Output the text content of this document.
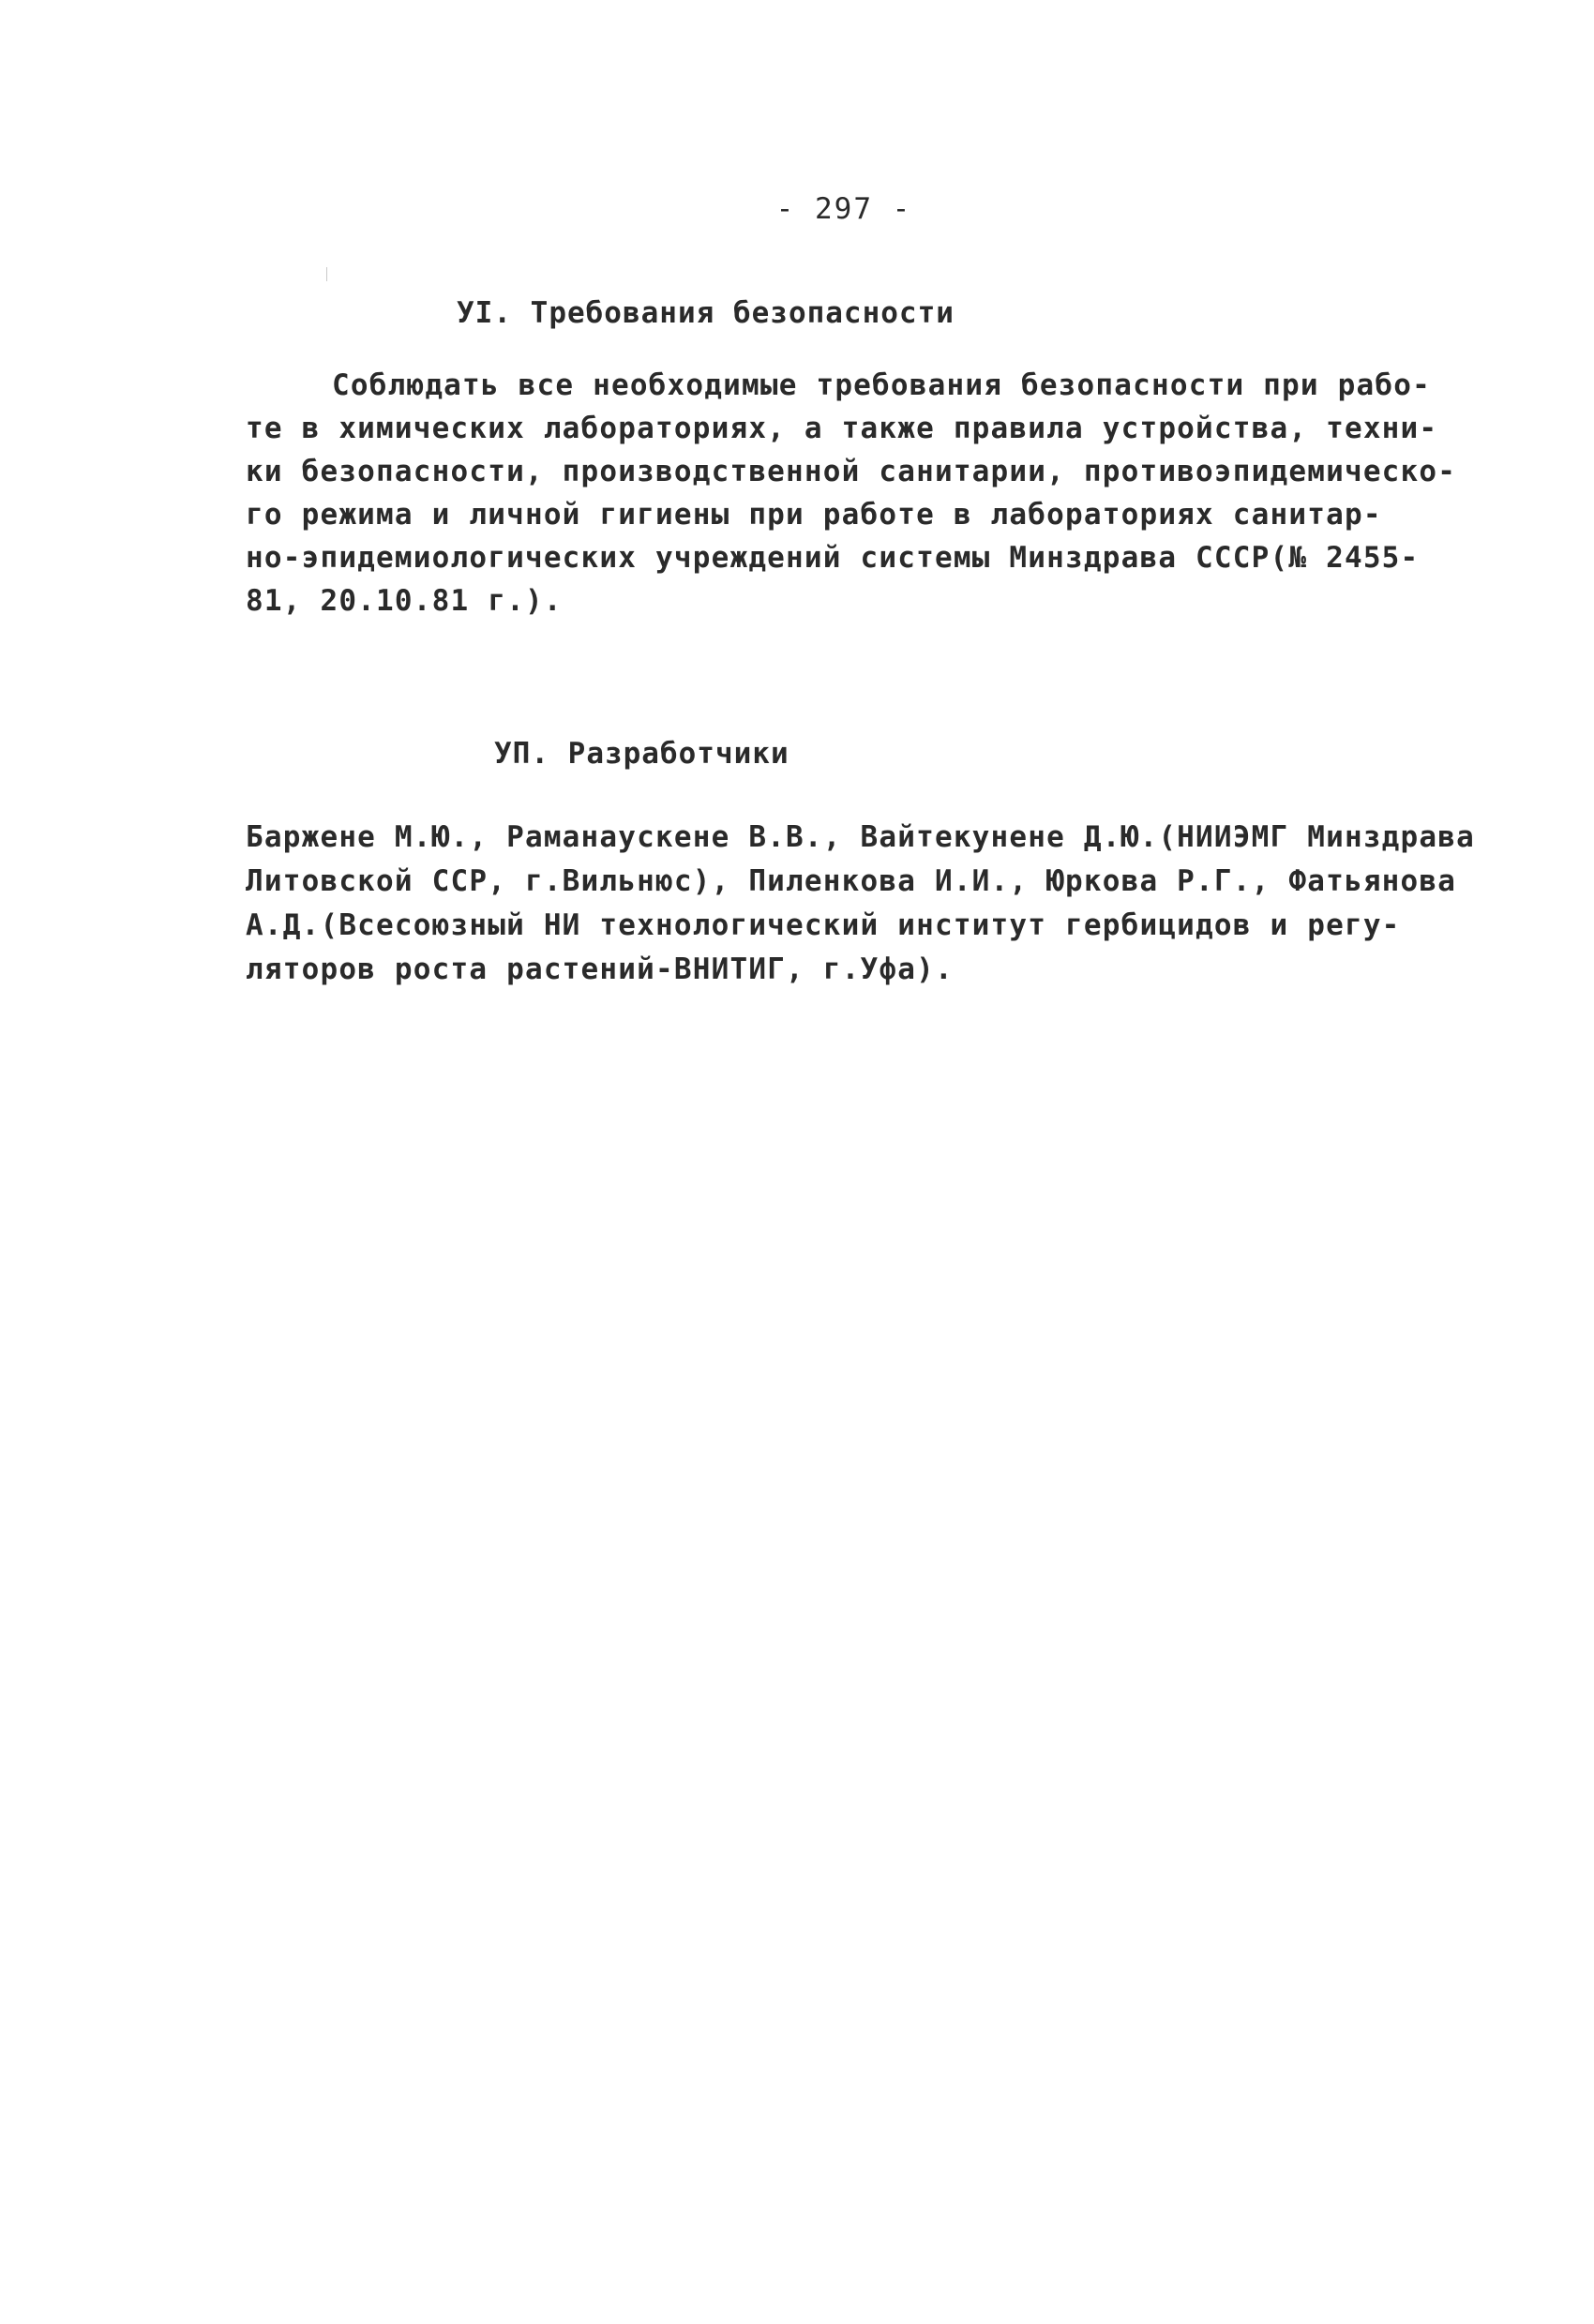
- 297 -
УI. Требования безопасности
Соблюдать все необходимые требования безопасности при рабо-
те в химических лабораториях, а также правила устройства, техни-
ки безопасности, производственной санитарии, противоэпидемическо-
го режима и личной гигиены при работе в лабораториях санитар-
но-эпидемиологических учреждений системы Минздрава СССР(№ 2455-
81, 20.10.81 г.).
УП. Разработчики
Баржене М.Ю., Раманаускене В.В., Вайтекунене Д.Ю.(НИИЭМГ Минздрава
Литовской ССР, г.Вильнюс), Пиленкова И.И., Юркова Р.Г., Фатьянова
А.Д.(Всесоюзный НИ технологический институт гербицидов и регу-
ляторов роста растений-ВНИТИГ, г.Уфа).
